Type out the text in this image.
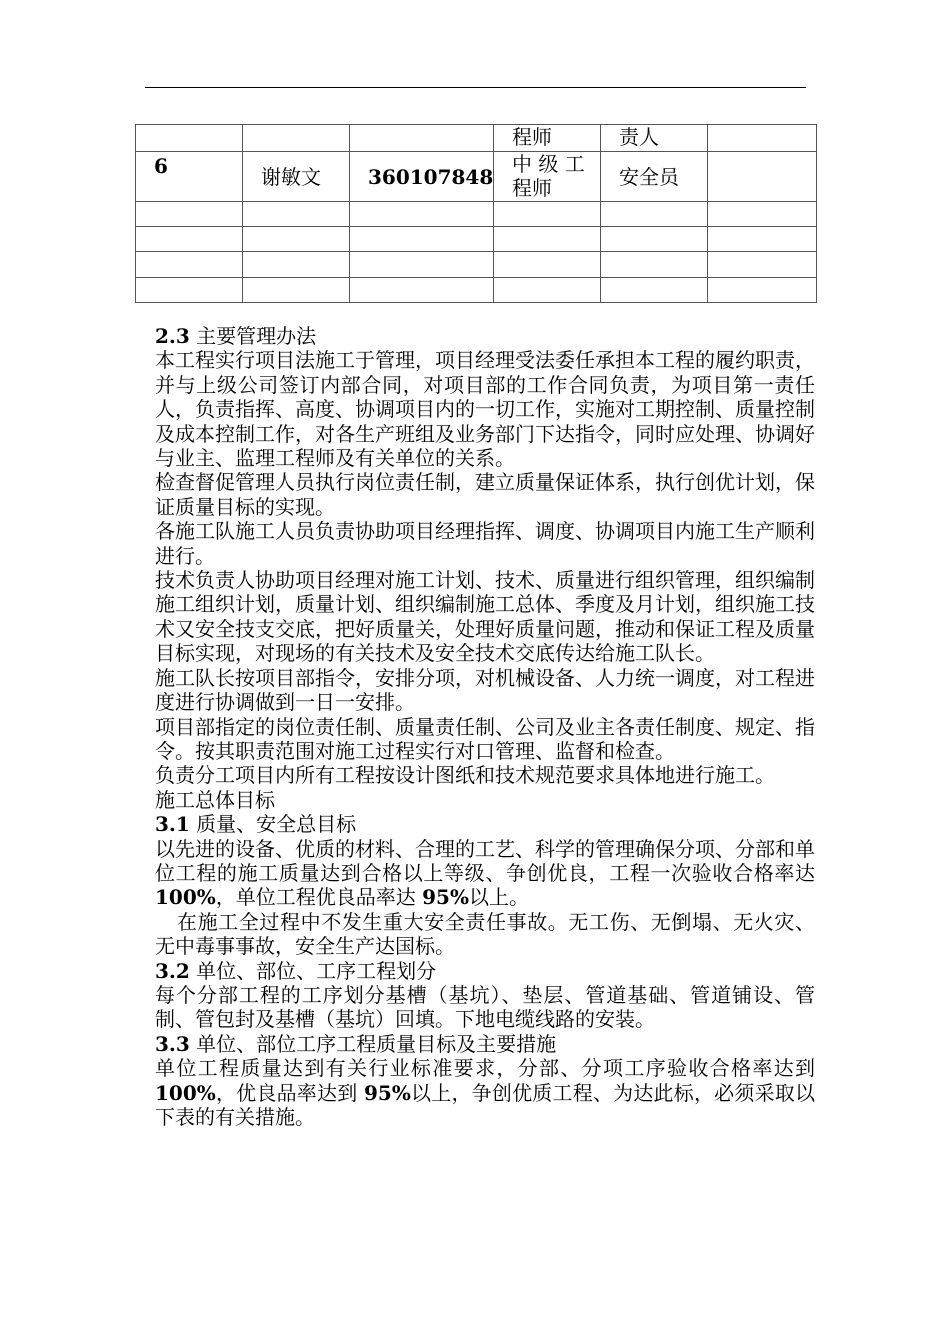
			程师	责人	
6	谢敏文	360107848	中 级 工 程师	安全员	

2.3 主要管理办法

本工程实行项目法施工于管理，项目经理受法委任承担本工程的履约职责，并与上级公司签订内部合同，对项目部的工作合同负责，为项目第一责任人，负责指挥、高度、协调项目内的一切工作，实施对工期控制、质量控制及成本控制工作，对各生产班组及业务部门下达指令，同时应处理、协调好与业主、监理工程师及有关单位的关系。

检查督促管理人员执行岗位责任制，建立质量保证体系，执行创优计划，保证质量目标的实现。

各施工队施工人员负责协助项目经理指挥、调度、协调项目内施工生产顺利进行。

技术负责人协助项目经理对施工计划、技术、质量进行组织管理，组织编制施工组织计划，质量计划、组织编制施工总体、季度及月计划，组织施工技术又安全技支交底，把好质量关，处理好质量问题，推动和保证工程及质量目标实现，对现场的有关技术及安全技术交底传达给施工队长。

施工队长按项目部指令，安排分项，对机械设备、人力统一调度，对工程进度进行协调做到一日一安排。

项目部指定的岗位责任制、质量责任制、公司及业主各责任制度、规定、指令。按其职责范围对施工过程实行对口管理、监督和检查。

负责分工项目内所有工程按设计图纸和技术规范要求具体地进行施工。

施工总体目标

3.1 质量、安全总目标

以先进的设备、优质的材料、合理的工艺、科学的管理确保分项、分部和单位工程的施工质量达到合格以上等级、争创优良，工程一次验收合格率达 100%，单位工程优良品率达 95%以上。

在施工全过程中不发生重大安全责任事故。无工伤、无倒塌、无火灾、无中毒事事故，安全生产达国标。

3.2 单位、部位、工序工程划分

每个分部工程的工序划分基槽（基坑）、垫层、管道基础、管道铺设、管制、管包封及基槽（基坑）回填。下地电缆线路的安装。

3.3 单位、部位工序工程质量目标及主要措施

单位工程质量达到有关行业标准要求，分部、分项工序验收合格率达到 100%，优良品率达到 95%以上，争创优质工程、为达此标，必须采取以下表的有关措施。
